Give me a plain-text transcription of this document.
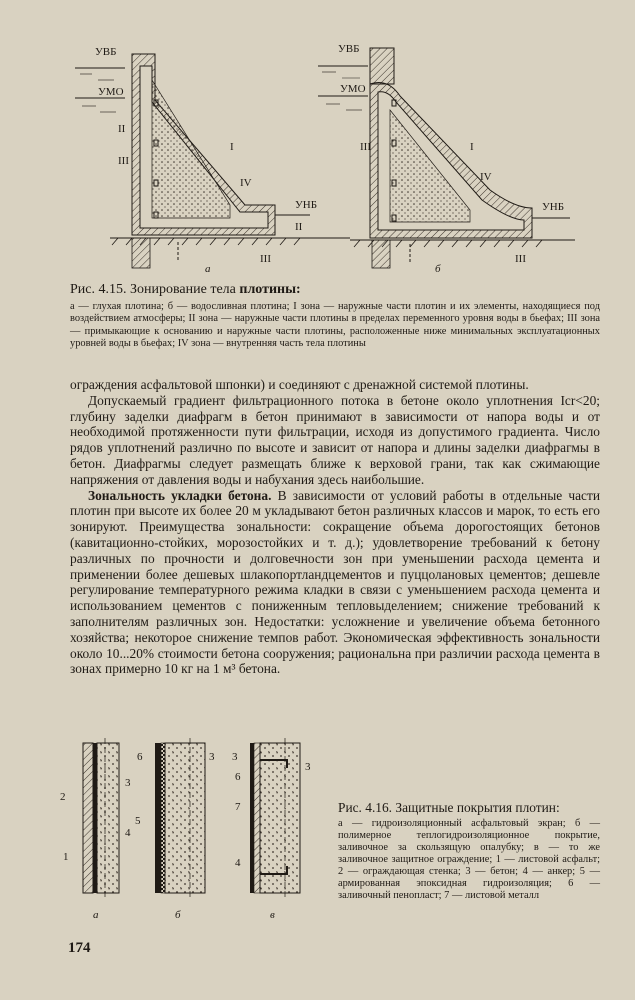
УВБ
УМО
УНБ
II
III
I
IV
II
III
а
УВБ
УМО
УНБ
III	I
IV
III
б

Рис. 4.15. Зонирование тела плотины:

а — глухая плотина; б — водосливная плотина; I зона — наружные части плотин и их элементы, находящиеся под воздействием атмосферы; II зона — наружные части плотины в пределах переменного уровня воды в бьефах; III зона — примыкающие к основанию и наружные части плотины, расположенные ниже минимальных эксплуатационных уровней воды в бьефах; IV зона — внутренняя часть тела плотины

ограждения асфальтовой шпонки) и соединяют с дренажной системой плотины.

Допускаемый градиент фильтрационного потока в бетоне около уплотнения Iсr<20; глубину заделки диафрагм в бетон принимают в зависимости от напора воды и от необходимой протяженности пути фильтрации, исходя из допустимого градиента. Число рядов уплотнений различно по высоте и зависит от напора и длины заделки диафрагмы в бетон. Диафрагмы следует размещать ближе к верховой грани, так как сжимающие напряжения от давления воды и набухания здесь наибольшие.

Зональность укладки бетона. В зависимости от условий работы в отдельные части плотин при высоте их более 20 м укладывают бетон различных классов и марок, то есть его зонируют. Преимущества зональности: сокращение объема дорогостоящих бетонов (кавитационно-стойких, морозостойких и т. д.); удовлетворение требований к бетону различных по прочности и долговечности зон при уменьшении расхода цемента и применении более дешевых шлакопортландцементов и пуццолановых цементов; дешевле регулирование температурного режима кладки в связи с уменьшением расхода цемента и использованием цементов с пониженным тепловыделением; снижение требований к заполнителям различных зон. Недостатки: усложнение и увеличение объема бетонного хозяйства; некоторое снижение темпов работ. Экономическая эффективность зональности около 10...20% стоимости бетона сооружения; рациональна при различии расхода цемента в зонах примерно 10 кг на 1 м³ бетона.

2
3
4
1
а
6
5
3
б
3
6
7
3
4
в

Рис. 4.16. Защитные покрытия плотин:

а — гидроизоляционный асфальтовый экран; б — полимерное теплогидроизоляционное покрытие, заливочное за скользящую опалубку; в — то же заливочное защитное ограждение; 1 — листовой асфальт; 2 — ограждающая стенка; 3 — бетон; 4 — анкер; 5 — армированная эпоксидная гидроизоляция; 6 — заливочный пенопласт; 7 — листовой металл

174
